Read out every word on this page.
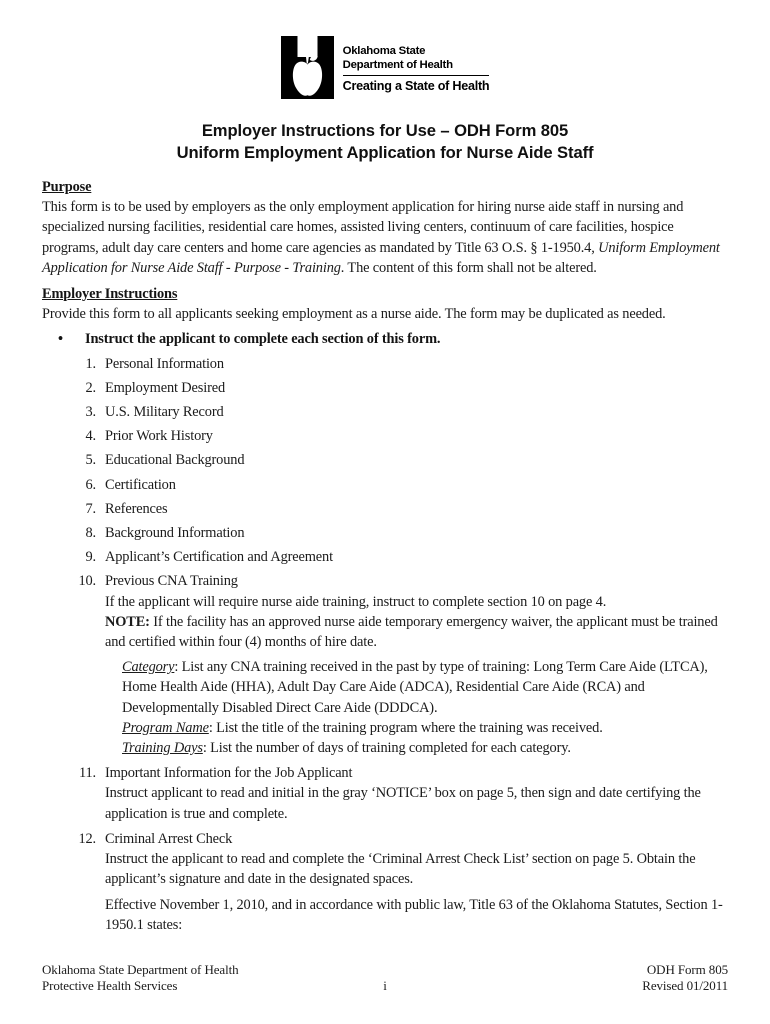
Oklahoma State
Department of Health
Creating a State of Health
Employer Instructions for Use – ODH Form 805
Uniform Employment Application for Nurse Aide Staff
Purpose

This form is to be used by employers as the only employment application for hiring nurse aide staff in nursing and specialized nursing facilities, residential care homes, assisted living centers, continuum of care facilities, hospice programs, adult day care centers and home care agencies as mandated by Title 63 O.S. § 1-1950.4, Uniform Employment Application for Nurse Aide Staff - Purpose - Training. The content of this form shall not be altered.

Employer Instructions

Provide this form to all applicants seeking employment as a nurse aide. The form may be duplicated as needed.

•	Instruct the applicant to complete each section of this form.
1. Personal Information
2. Employment Desired
3. U.S. Military Record
4. Prior Work History
5. Educational Background
6. Certification
7. References
8. Background Information
9. Applicant’s Certification and Agreement
10. Previous CNA Training
If the applicant will require nurse aide training, instruct to complete section 10 on page 4.
NOTE: If the facility has an approved nurse aide temporary emergency waiver, the applicant must be trained and certified within four (4) months of hire date.
Category: List any CNA training received in the past by type of training: Long Term Care Aide (LTCA), Home Health Aide (HHA), Adult Day Care Aide (ADCA), Residential Care Aide (RCA) and Developmentally Disabled Direct Care Aide (DDDCA).
Program Name: List the title of the training program where the training was received.
Training Days: List the number of days of training completed for each category.
11. Important Information for the Job Applicant
Instruct applicant to read and initial in the gray ‘NOTICE’ box on page 5, then sign and date certifying the application is true and complete.
12. Criminal Arrest Check
Instruct the applicant to read and complete the ‘Criminal Arrest Check List’ section on page 5. Obtain the applicant’s signature and date in the designated spaces.

Effective November 1, 2010, and in accordance with public law, Title 63 of the Oklahoma Statutes, Section 1-1950.1 states:

Oklahoma State Department of Health
Protective Health Services	i
ODH Form 805
Revised 01/2011
